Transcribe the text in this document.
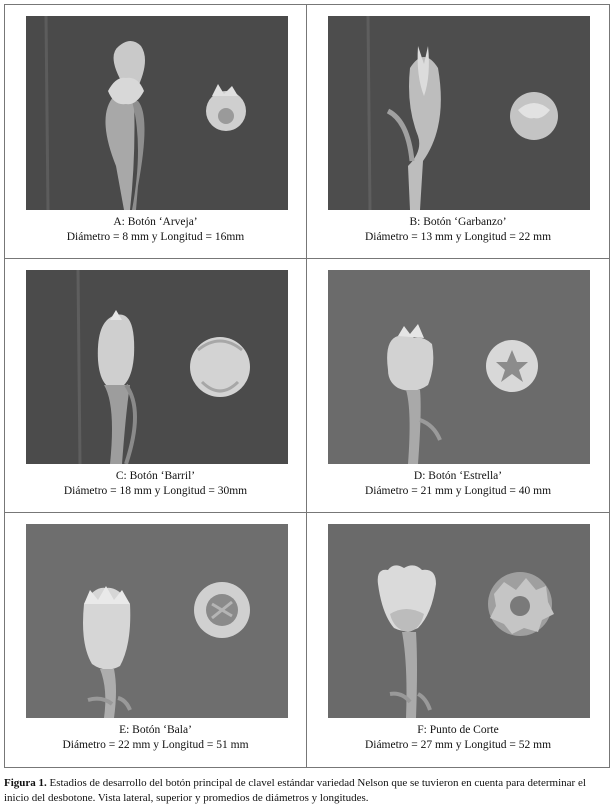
A: Botón ‘Arveja’
Diámetro = 8 mm y Longitud = 16mm
B: Botón ‘Garbanzo’
Diámetro = 13 mm y Longitud = 22 mm
C: Botón ‘Barril’
Diámetro = 18 mm y Longitud = 30mm
D: Botón ‘Estrella’
Diámetro = 21 mm y Longitud = 40 mm
E: Botón ‘Bala’
Diámetro = 22 mm y Longitud = 51 mm
F: Punto de Corte
Diámetro = 27 mm y Longitud = 52 mm
Figura 1. Estadios de desarrollo del botón principal de clavel estándar variedad Nelson que se tuvieron en cuenta para determinar el inicio del desbotone. Vista lateral, superior y promedios de diámetros y longitudes.
